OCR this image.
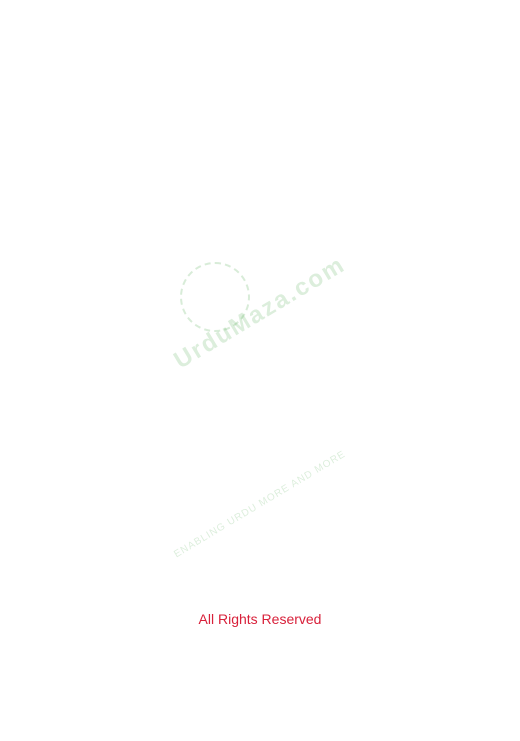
UrduMaza.com
ENABLING URDU MORE AND MORE
All Rights Reserved
